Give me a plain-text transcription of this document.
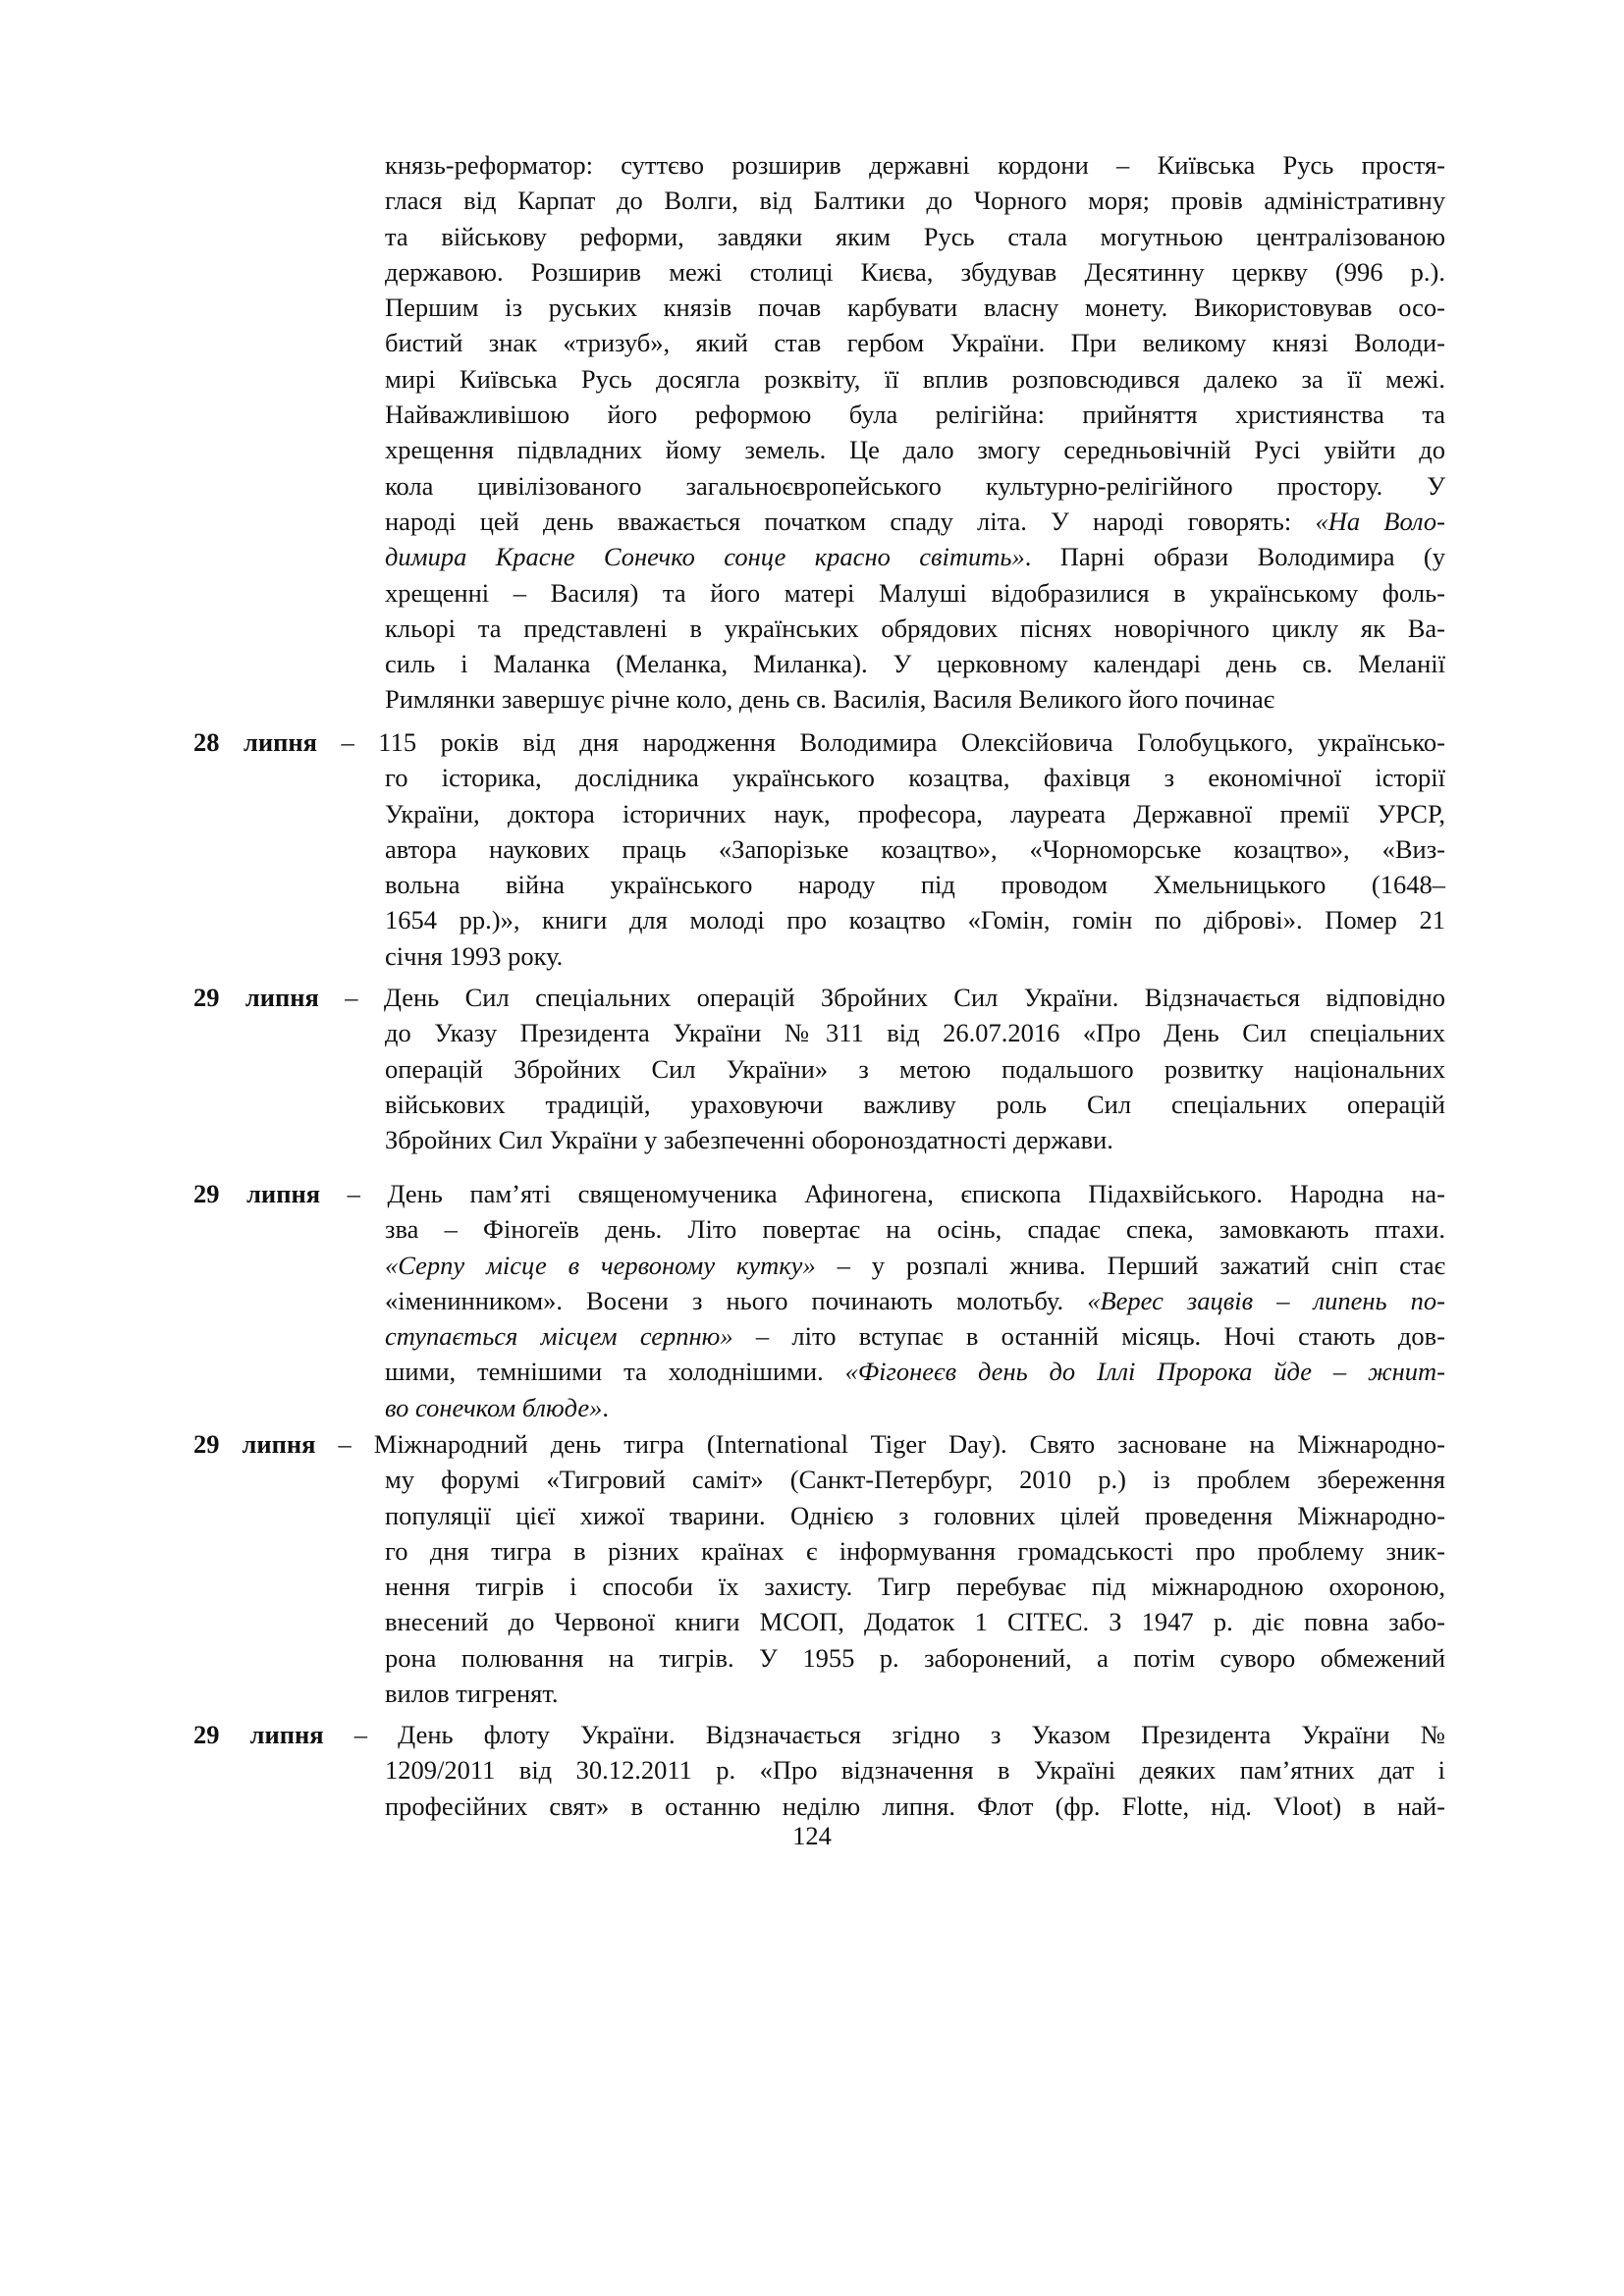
князь-реформатор: суттєво розширив державні кордони – Київська Русь простя-
глася від Карпат до Волги, від Балтики до Чорного моря; провів адміністративну
та військову реформи, завдяки яким Русь стала могутньою централізованою
державою. Розширив межі столиці Києва, збудував Десятинну церкву (996 р.).
Першим із руських князів почав карбувати власну монету. Використовував осо-
бистий знак «тризуб», який став гербом України. При великому князі Володи-
мирі Київська Русь досягла розквіту, її вплив розповсюдився далеко за її межі.
Найважливішою його реформою була релігійна: прийняття християнства та
хрещення підвладних йому земель. Це дало змогу середньовічній Русі увійти до
кола цивілізованого загальноєвропейського культурно-релігійного простору. У
народі цей день вважається початком спаду літа. У народі говорять: «На Воло-
димира Красне Сонечко сонце красно світить». Парні образи Володимира (у
хрещенні – Василя) та його матері Малуші відобразилися в українському фоль-
кльорі та представлені в українських обрядових піснях новорічного циклу як Ва-
силь і Маланка (Меланка, Миланка). У церковному календарі день св. Меланії
Римлянки завершує річне коло, день св. Василія, Василя Великого його починає

28 липня – 115 років від дня народження Володимира Олексійовича Голобуцького, українсько-

го історика, дослідника українського козацтва, фахівця з економічної історії
України, доктора історичних наук, професора, лауреата Державної премії УРСР,
автора наукових праць «Запорізьке козацтво», «Чорноморське козацтво», «Виз-
вольна війна українського народу під проводом Хмельницького (1648–
1654 рр.)», книги для молоді про козацтво «Гомін, гомін по діброві». Помер 21
січня 1993 року.

29 липня – День Сил спеціальних операцій Збройних Сил України. Відзначається відповідно

до Указу Президента України №311 від 26.07.2016 «Про День Сил спеціальних
операцій Збройних Сил України» з метою подальшого розвитку національних
військових традицій, ураховуючи важливу роль Сил спеціальних операцій
Збройних Сил України у забезпеченні обороноздатності держави.

29 липня – День пам’яті священомученика Афиногена, єпископа Підахвійського. Народна на-

зва – Фіногеїв день. Літо повертає на осінь, спадає спека, замовкають птахи.
«Серпу місце в червоному кутку» – у розпалі жнива. Перший зажатий сніп стає
«іменинником». Восени з нього починають молотьбу. «Верес зацвів – липень по-
ступається місцем серпню» – літо вступає в останній місяць. Ночі стають дов-
шими, темнішими та холоднішими. «Фігонеєв день до Іллі Пророка йде – жнит-
во сонечком блюде».

29 липня – Міжнародний день тигра (International Tiger Day). Свято засноване на Міжнародно-

му форумі «Тигровий саміт» (Санкт-Петербург, 2010 р.) із проблем збереження
популяції цієї хижої тварини. Однією з головних цілей проведення Міжнародно-
го дня тигра в різних країнах є інформування громадськості про проблему зник-
нення тигрів і способи їх захисту. Тигр перебуває під міжнародною охороною,
внесений до Червоної книги МСОП, Додаток 1 СІТЕС. З 1947 р. діє повна забо-
рона полювання на тигрів. У 1955 р. заборонений, а потім суворо обмежений
вилов тигренят.

29 липня – День флоту України. Відзначається згідно з Указом Президента України №

1209/2011 від 30.12.2011 р. «Про відзначення в Україні деяких пам’ятних дат і
професійних свят» в останню неділю липня. Флот (фр. Flotte, нід. Vloot) в най-
124
